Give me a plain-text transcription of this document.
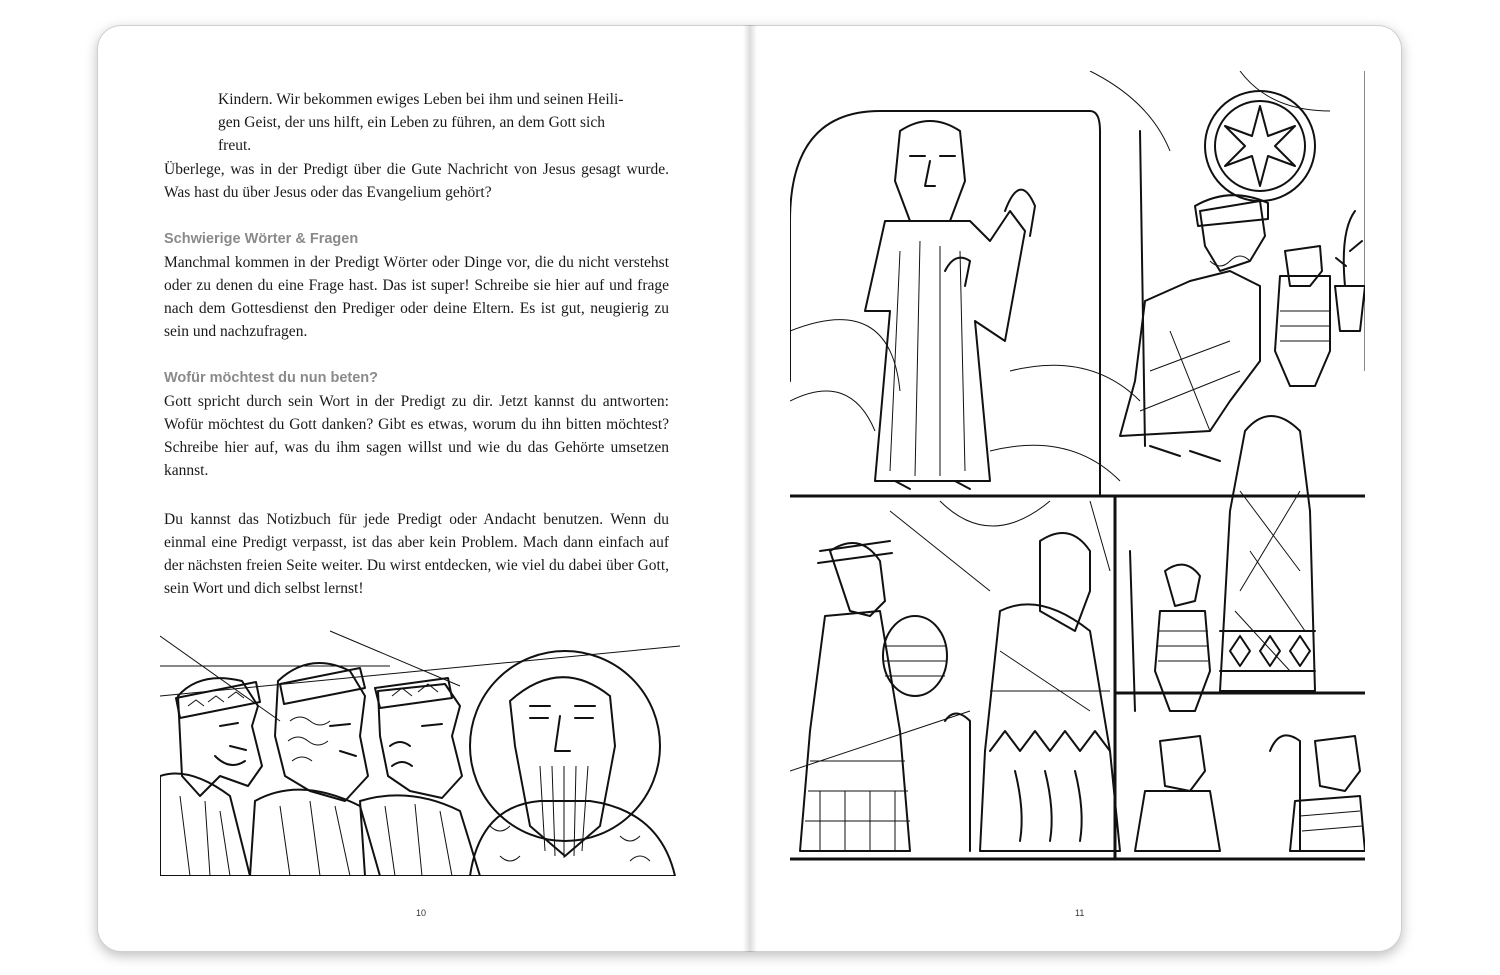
Kindern. Wir bekommen ewiges Leben bei ihm und seinen Heili-
gen Geist, der uns hilft, ein Leben zu führen, an dem Gott sich freut.
Überlege, was in der Predigt über die Gute Nachricht von Jesus gesagt wurde. Was hast du über Jesus oder das Evangelium gehört?
Schwierige Wörter & Fragen

Manchmal kommen in der Predigt Wörter oder Dinge vor, die du nicht verstehst oder zu denen du eine Frage hast. Das ist super! Schreibe sie hier auf und frage nach dem Gottesdienst den Prediger oder deine Eltern. Es ist gut, neugierig zu sein und nachzufragen.

Wofür möchtest du nun beten?

Gott spricht durch sein Wort in der Predigt zu dir. Jetzt kannst du antworten: Wofür möchtest du Gott danken? Gibt es etwas, worum du ihn bitten möchtest? Schreibe hier auf, was du ihm sagen willst und wie du das Gehörte umsetzen kannst.

Du kannst das Notizbuch für jede Predigt oder Andacht benutzen. Wenn du einmal eine Predigt verpasst, ist das aber kein Problem. Mach dann einfach auf der nächsten freien Seite weiter. Du wirst entdecken, wie viel du dabei über Gott, sein Wort und dich selbst lernst!
10	11
